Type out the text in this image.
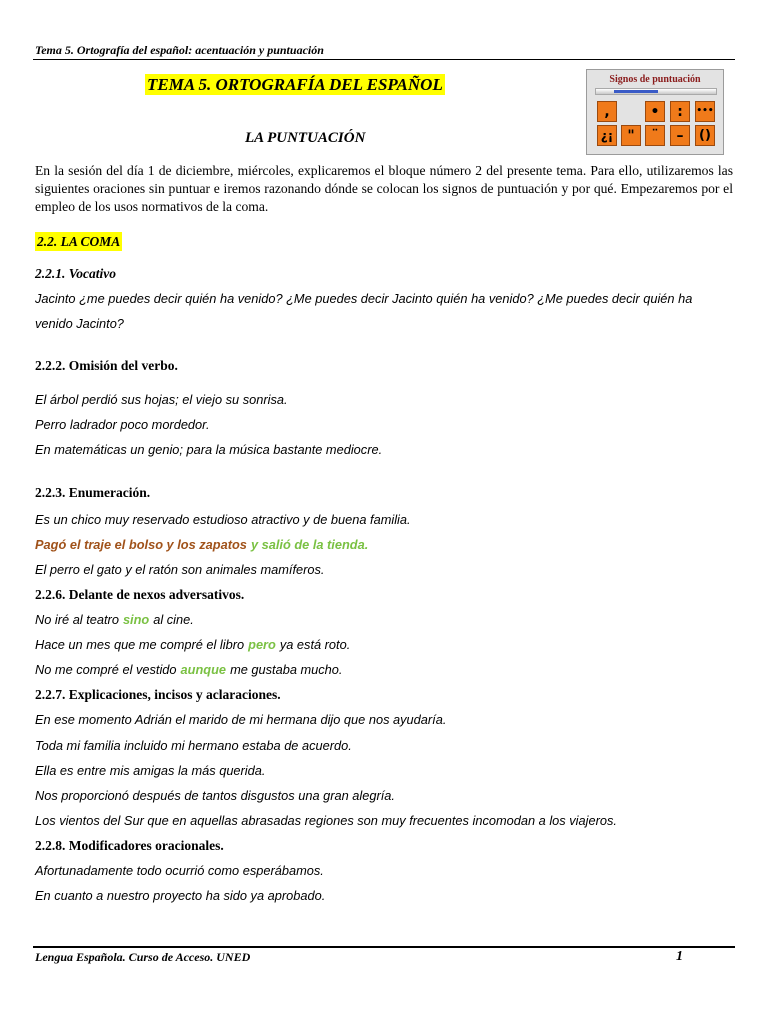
Tema 5. Ortografía del español: acentuación y puntuación
TEMA 5. ORTOGRAFÍA DEL ESPAÑOL
LA PUNTUACIÓN
Signos de puntuación
,	•	:	•••
¿¡	"	¨	–	()
En la sesión del día 1 de diciembre, miércoles, explicaremos el bloque número 2 del presente tema. Para ello, utilizaremos las siguientes oraciones sin puntuar e iremos razonando dónde se colocan los signos de puntuación y por qué. Empezaremos por el empleo de los usos normativos de la coma.
2.2. LA COMA
2.2.1. Vocativo
Jacinto ¿me puedes decir quién ha venido? ¿Me puedes decir Jacinto quién ha venido? ¿Me puedes decir quién ha
venido Jacinto?
2.2.2. Omisión del verbo.
El árbol perdió sus hojas; el viejo su sonrisa.
Perro ladrador poco mordedor.
En matemáticas un genio; para la música bastante mediocre.
2.2.3. Enumeración.
Es un chico muy reservado estudioso atractivo y de buena familia.
Pagó el traje el bolso y los zapatos y salió de la tienda.
El perro el gato y el ratón son animales mamíferos.
2.2.6. Delante de nexos adversativos.
No iré al teatro sino al cine.
Hace un mes que me compré el libro pero ya está roto.
No me compré el vestido aunque me gustaba mucho.
2.2.7. Explicaciones, incisos y aclaraciones.
En ese momento Adrián el marido de mi hermana dijo que nos ayudaría.
Toda mi familia incluido mi hermano estaba de acuerdo.
Ella es entre mis amigas la más querida.
Nos proporcionó después de tantos disgustos una gran alegría.
Los vientos del Sur que en aquellas abrasadas regiones son muy frecuentes incomodan a los viajeros.
2.2.8. Modificadores oracionales.
Afortunadamente todo ocurrió como esperábamos.
En cuanto a nuestro proyecto ha sido ya aprobado.
Lengua Española. Curso de Acceso. UNED	1
